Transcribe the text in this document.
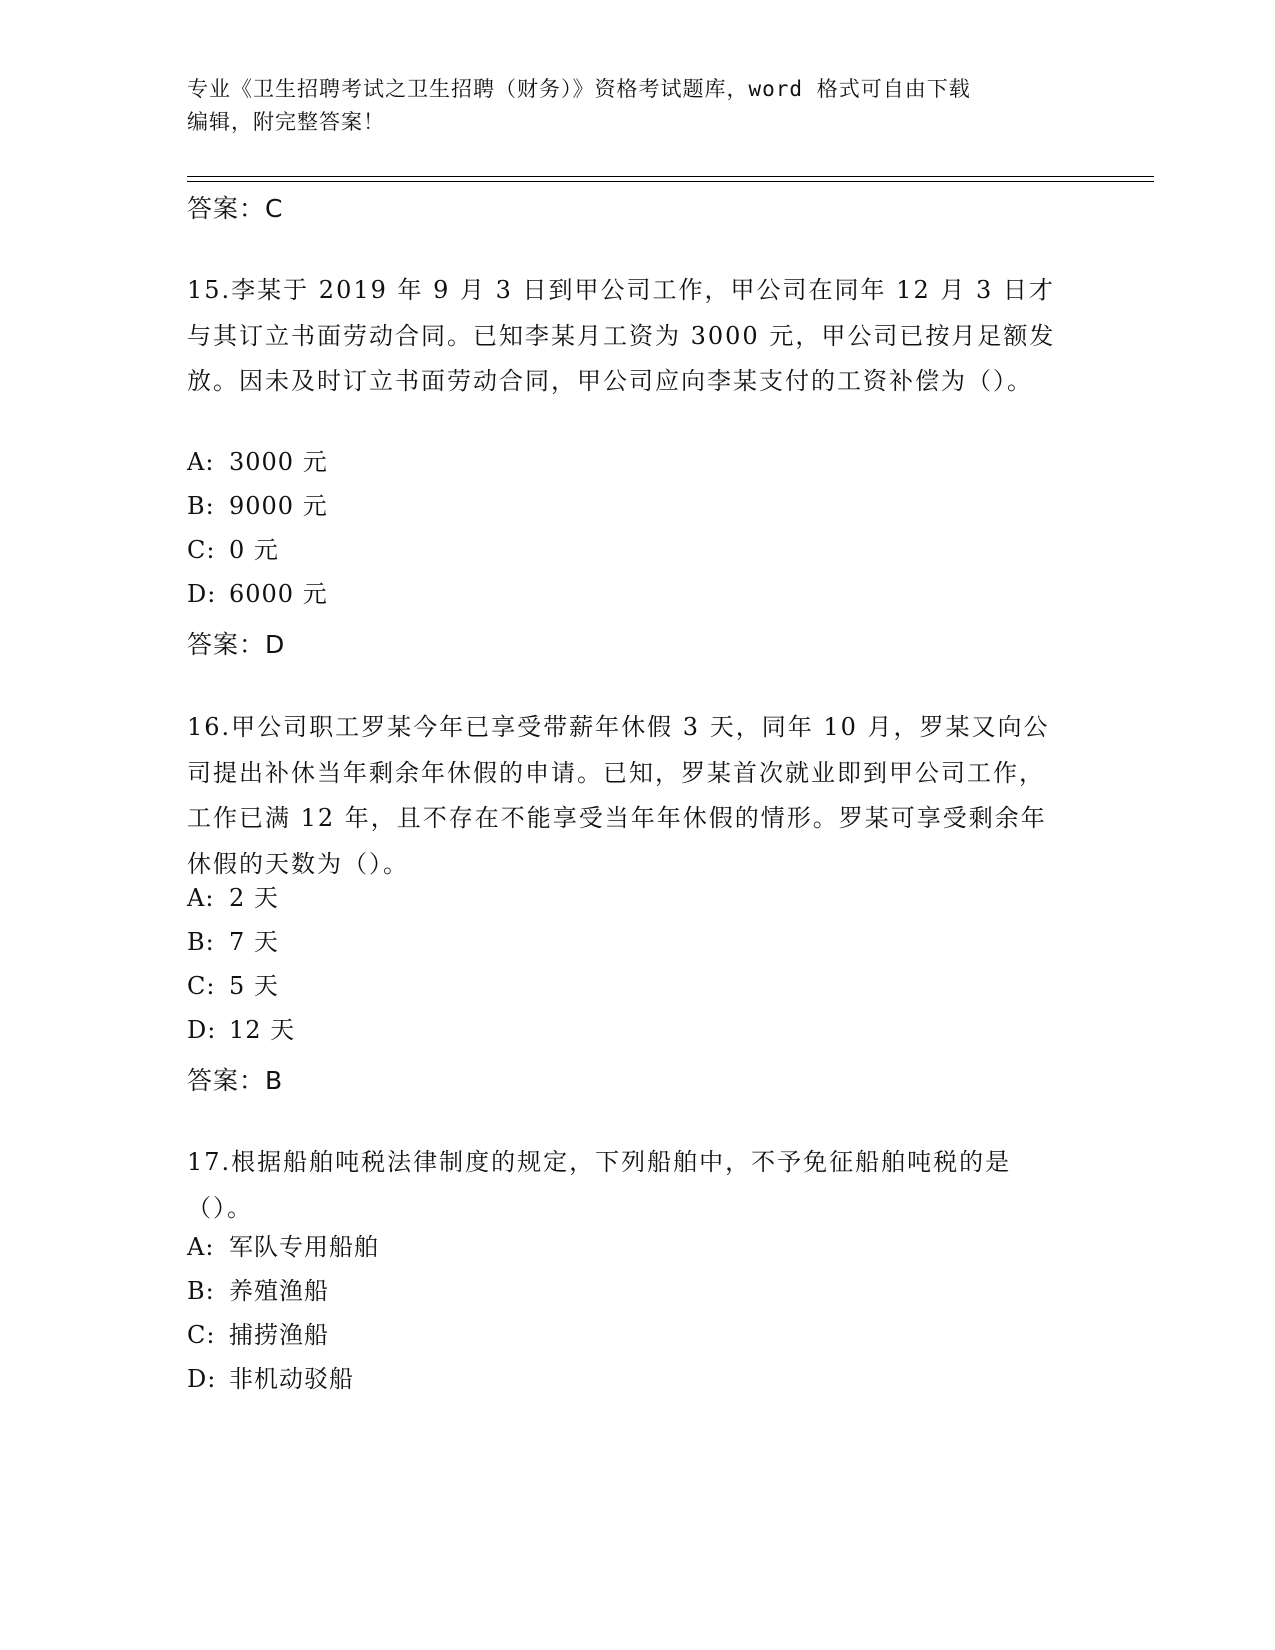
专业《卫生招聘考试之卫生招聘（财务）》资格考试题库，word 格式可自由下载
编辑，附完整答案！
答案：C
15.李某于 2019 年 9 月 3 日到甲公司工作，甲公司在同年 12 月 3 日才与其订立书面劳动合同。已知李某月工资为 3000 元，甲公司已按月足额发放。因未及时订立书面劳动合同，甲公司应向李某支付的工资补偿为（）。
A: 3000 元
B: 9000 元
C: 0 元
D: 6000 元
答案：D
16.甲公司职工罗某今年已享受带薪年休假 3 天，同年 10 月，罗某又向公司提出补休当年剩余年休假的申请。已知，罗某首次就业即到甲公司工作，工作已满 12 年，且不存在不能享受当年年休假的情形。罗某可享受剩余年休假的天数为（）。
A: 2 天
B: 7 天
C: 5 天
D: 12 天
答案：B
17.根据船舶吨税法律制度的规定，下列船舶中，不予免征船舶吨税的是（）。
A: 军队专用船舶
B: 养殖渔船
C: 捕捞渔船
D: 非机动驳船
